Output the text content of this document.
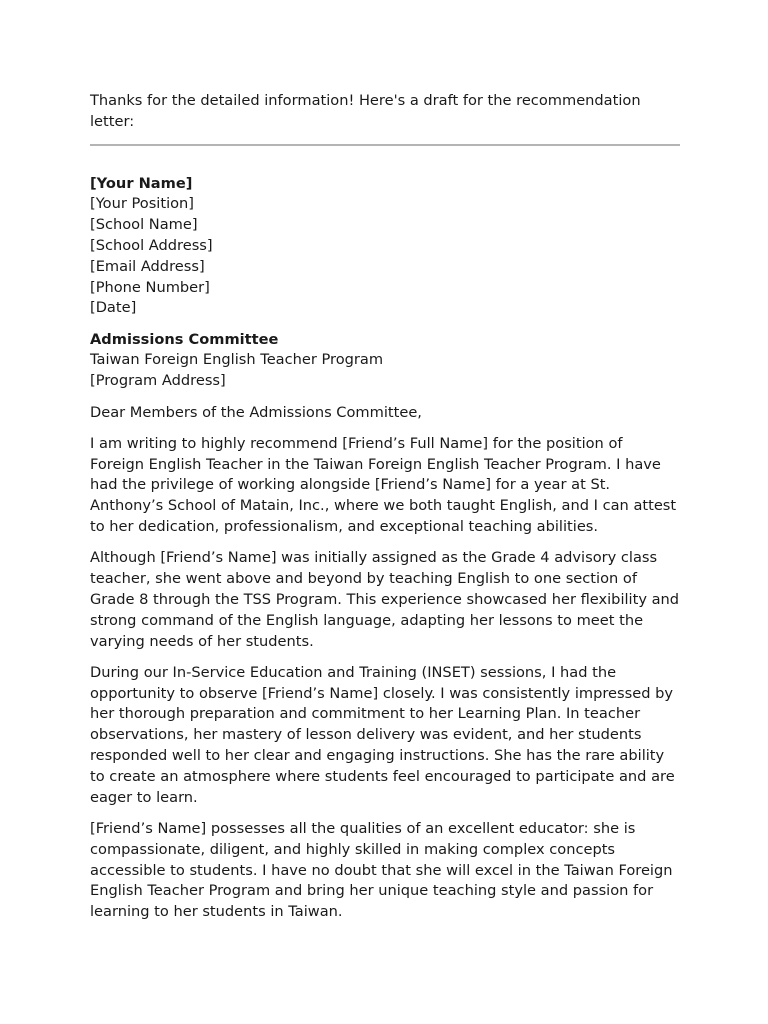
Thanks for the detailed information! Here's a draft for the recommendation letter:

[Your Name]
[Your Position]
[School Name]
[School Address]
[Email Address]
[Phone Number]
[Date]
Admissions Committee
Taiwan Foreign English Teacher Program
[Program Address]

Dear Members of the Admissions Committee,

I am writing to highly recommend [Friend’s Full Name] for the position of Foreign English Teacher in the Taiwan Foreign English Teacher Program. I have had the privilege of working alongside [Friend’s Name] for a year at St. Anthony’s School of Matain, Inc., where we both taught English, and I can attest to her dedication, professionalism, and exceptional teaching abilities.

Although [Friend’s Name] was initially assigned as the Grade 4 advisory class teacher, she went above and beyond by teaching English to one section of Grade 8 through the TSS Program. This experience showcased her flexibility and strong command of the English language, adapting her lessons to meet the varying needs of her students.

During our In-Service Education and Training (INSET) sessions, I had the opportunity to observe [Friend’s Name] closely. I was consistently impressed by her thorough preparation and commitment to her Learning Plan. In teacher observations, her mastery of lesson delivery was evident, and her students responded well to her clear and engaging instructions. She has the rare ability to create an atmosphere where students feel encouraged to participate and are eager to learn.

[Friend’s Name] possesses all the qualities of an excellent educator: she is compassionate, diligent, and highly skilled in making complex concepts accessible to students. I have no doubt that she will excel in the Taiwan Foreign English Teacher Program and bring her unique teaching style and passion for learning to her students in Taiwan.
